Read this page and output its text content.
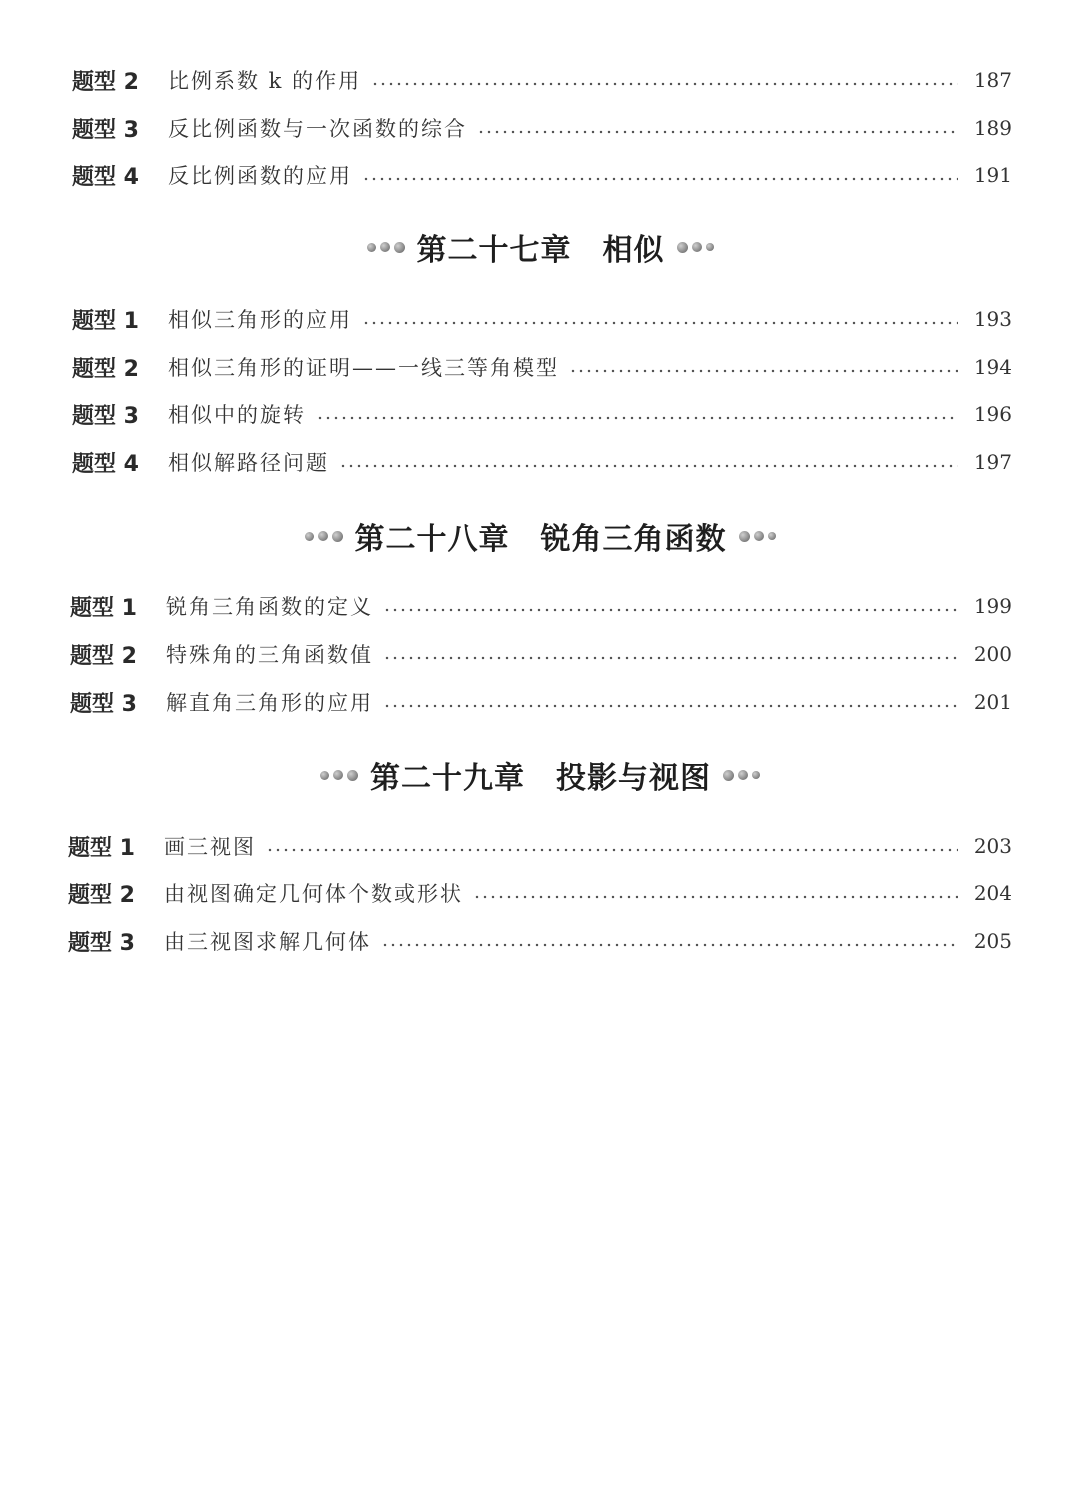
题型 2	比例系数 k 的作用	187
题型 3	反比例函数与一次函数的综合	189
题型 4	反比例函数的应用	191
第二十七章　相似
题型 1	相似三角形的应用	193
题型 2	相似三角形的证明——一线三等角模型	194
题型 3	相似中的旋转	196
题型 4	相似解路径问题	197
第二十八章　锐角三角函数
题型 1	锐角三角函数的定义	199
题型 2	特殊角的三角函数值	200
题型 3	解直角三角形的应用	201
第二十九章　投影与视图
题型 1	画三视图	203
题型 2	由视图确定几何体个数或形状	204
题型 3	由三视图求解几何体	205
